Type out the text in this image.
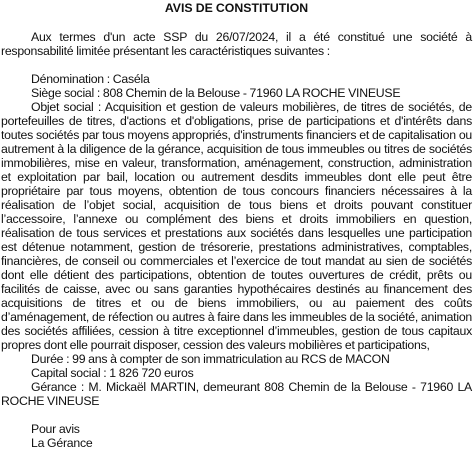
AVIS DE CONSTITUTION

Aux termes d'un acte SSP du 26/07/2024, il a été constitué une société à responsabilité limitée présentant les caractéristiques suivantes :

Dénomination : Caséla

Siège social : 808 Chemin de la Belouse - 71960 LA ROCHE VINEUSE

Objet social : Acquisition et gestion de valeurs mobilières, de titres de sociétés, de portefeuilles de titres, d'actions et d'obligations, prise de participations et d'intérêts dans toutes sociétés par tous moyens appropriés, d'instruments financiers et de capitalisation ou autrement à la diligence de la gérance, acquisition de tous immeubles ou titres de sociétés immobilières, mise en valeur, transformation, aménagement, construction, administration et exploitation par bail, location ou autrement desdits immeubles dont elle peut être propriétaire par tous moyens, obtention de tous concours financiers nécessaires à la réalisation de l’objet social, acquisition de tous biens et droits pouvant constituer l’accessoire, l’annexe ou complément des biens et droits immobiliers en question, réalisation de tous services et prestations aux sociétés dans lesquelles une participation est détenue notamment, gestion de trésorerie, prestations administratives, comptables, financières, de conseil ou commerciales et l’exercice de tout mandat au sien de sociétés dont elle détient des participations, obtention de toutes ouvertures de crédit, prêts ou facilités de caisse, avec ou sans garanties hypothécaires destinés au financement des acquisitions de titres et ou de biens immobiliers, ou au paiement des coûts d’aménagement, de réfection ou autres à faire dans les immeubles de la société, animation des sociétés affiliées, cession à titre exceptionnel d’immeubles, gestion de tous capitaux propres dont elle pourrait disposer, cession des valeurs mobilières et participations,

Durée : 99 ans à compter de son immatriculation au RCS de MACON

Capital social : 1 826 720 euros

Gérance : M. Mickaël MARTIN, demeurant 808 Chemin de la Belouse - 71960 LA ROCHE VINEUSE

Pour avis

La Gérance
